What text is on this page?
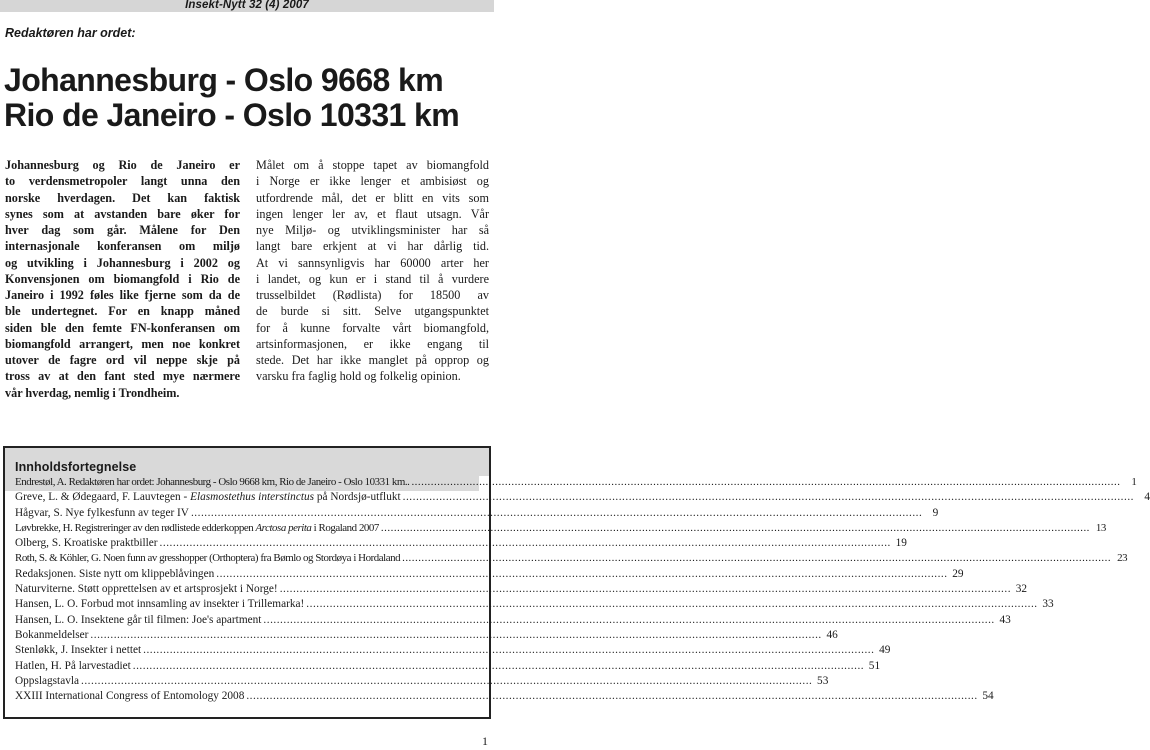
Insekt-Nytt 32 (4) 2007
Redaktøren har ordet:
Johannesburg - Oslo 9668 km
Rio de Janeiro - Oslo 10331 km
Johannesburg og Rio de Janeiro er
to verdensmetropoler langt unna den
norske hverdagen. Det kan faktisk
synes som at avstanden bare øker for
hver dag som går. Målene for Den
internasjonale konferansen om miljø
og utvikling i Johannesburg i 2002 og
Konvensjonen om biomangfold i Rio de
Janeiro i 1992 føles like fjerne som da de
ble undertegnet. For en knapp måned
siden ble den femte FN-konferansen om
biomangfold arrangert, men noe konkret
utover de fagre ord vil neppe skje på
tross av at den fant sted mye nærmere
vår hverdag, nemlig i Trondheim.
Målet om å stoppe tapet av biomangfold
i Norge er ikke lenger et ambisiøst og
utfordrende mål, det er blitt en vits som
ingen lenger ler av, et flaut utsagn. Vår
nye Miljø- og utviklingsminister har så
langt bare erkjent at vi har dårlig tid.
At vi sannsynligvis har 60000 arter her
i landet, og kun er i stand til å vurdere
trusselbildet (Rødlista) for 18500 av
de burde si sitt. Selve utgangspunktet
for å kunne forvalte vårt biomangfold,
artsinformasjonen, er ikke engang til
stede. Det har ikke manglet på opprop og
varsku fra faglig hold og folkelig opinion.
Innholdsfortegnelse
Endrestøl, A. Redaktøren har ordet: Johannesburg - Oslo 9668 km, Rio de Janeiro - Oslo 10331 km.. ............................................................................................................................................................................................................................	1
Greve, L. & Ødegaard, F. Lauvtegen - Elasmostethus interstinctus på Nordsjø-utflukt ............................................................................................................................................................................................................................ 4
Hågvar, S. Nye fylkesfunn av teger IV ............................................................................................................................................................................................................................ 9
Løvbrekke, H. Registreringer av den rødlistede edderkoppen Arctosa perita i Rogaland 2007 ............................................................................................................................................................................................................................ 13
Olberg, S. Kroatiske praktbiller ............................................................................................................................................................................................................................ 19
Roth, S. & Köhler, G. Noen funn av gresshopper (Orthoptera) fra Bømlo og Stordøya i Hordaland ............................................................................................................................................................................................................................ 23
Redaksjonen. Siste nytt om klippeblåvingen ............................................................................................................................................................................................................................ 29
Naturviterne. Støtt opprettelsen av et artsprosjekt i Norge! ............................................................................................................................................................................................................................ 32
Hansen, L. O. Forbud mot innsamling av insekter i Trillemarka! ............................................................................................................................................................................................................................ 33
Hansen, L. O. Insektene går til filmen: Joe's apartment ............................................................................................................................................................................................................................ 43
Bokanmeldelser ............................................................................................................................................................................................................................ 46
Stenløkk, J. Insekter i nettet ............................................................................................................................................................................................................................ 49
Hatlen, H. På larvestadiet ............................................................................................................................................................................................................................ 51
Oppslagstavla ............................................................................................................................................................................................................................ 53
XXIII International Congress of Entomology 2008 ............................................................................................................................................................................................................................ 54
1
